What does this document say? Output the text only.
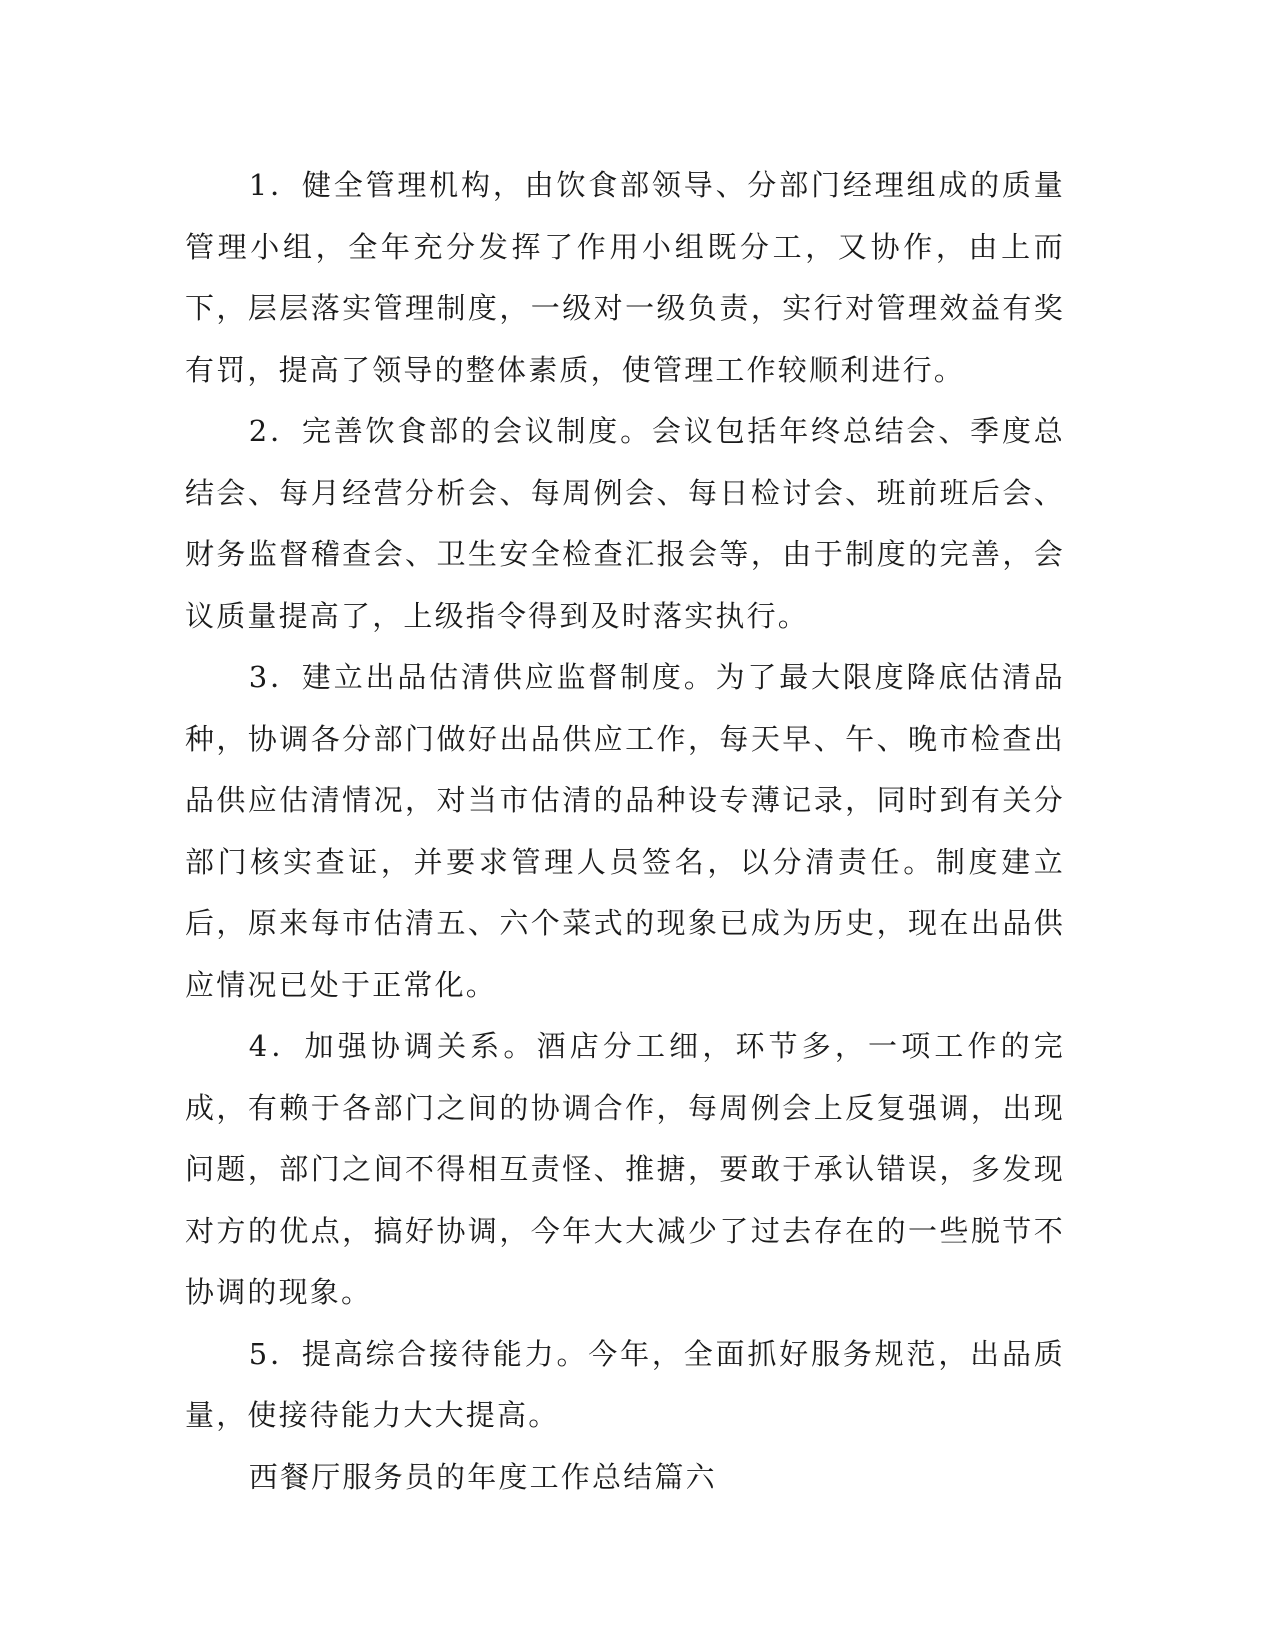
1．健全管理机构，由饮食部领导、分部门经理组成的质量管理小组，全年充分发挥了作用小组既分工，又协作，由上而下，层层落实管理制度，一级对一级负责，实行对管理效益有奖有罚，提高了领导的整体素质，使管理工作较顺利进行。

2．完善饮食部的会议制度。会议包括年终总结会、季度总结会、每月经营分析会、每周例会、每日检讨会、班前班后会、财务监督稽查会、卫生安全检查汇报会等，由于制度的完善，会议质量提高了，上级指令得到及时落实执行。

3．建立出品估清供应监督制度。为了最大限度降底估清品种，协调各分部门做好出品供应工作，每天早、午、晚市检查出品供应估清情况，对当市估清的品种设专薄记录，同时到有关分部门核实查证，并要求管理人员签名，以分清责任。制度建立后，原来每市估清五、六个菜式的现象已成为历史，现在出品供应情况已处于正常化。

4．加强协调关系。酒店分工细，环节多，一项工作的完成，有赖于各部门之间的协调合作，每周例会上反复强调，出现问题，部门之间不得相互责怪、推搪，要敢于承认错误，多发现对方的优点，搞好协调，今年大大减少了过去存在的一些脱节不协调的现象。

5．提高综合接待能力。今年，全面抓好服务规范，出品质量，使接待能力大大提高。

西餐厅服务员的年度工作总结篇六
